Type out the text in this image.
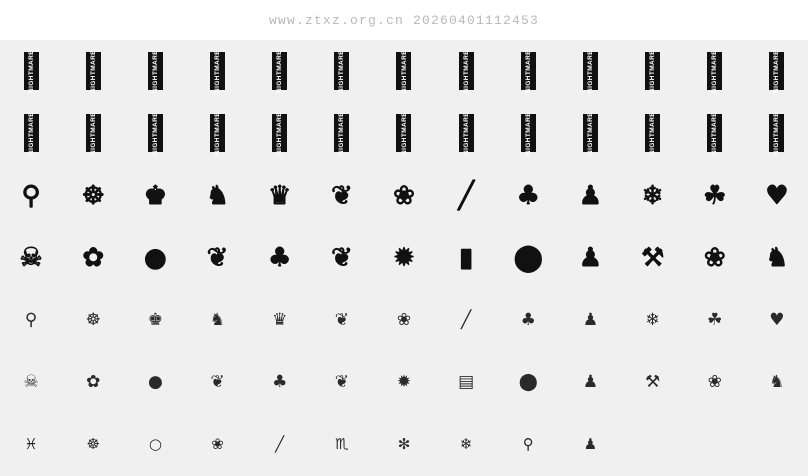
www.ztxz.org.cn 20260401112453
NIGHTMARE	NIGHTMARE	NIGHTMARE	NIGHTMARE	NIGHTMARE	NIGHTMARE	NIGHTMARE	NIGHTMARE	NIGHTMARE	NIGHTMARE	NIGHTMARE	NIGHTMARE	NIGHTMARE
NIGHTMARE	NIGHTMARE	NIGHTMARE	NIGHTMARE	NIGHTMARE	NIGHTMARE	NIGHTMARE	NIGHTMARE	NIGHTMARE	NIGHTMARE	NIGHTMARE	NIGHTMARE	NIGHTMARE
⚲ ☸ ♚ ♞ ♛ ❦ ❀ ╱ ♣ ♟ ❄ ☘ ♥
☠ ✿ ● ❦ ♣ ❦ ✹ ▮ ⬤ ♟ ⚒ ❀ ♞
⚲	☸	♚	♞	♛	❦	❀	╱	♣	♟	❄	☘	♥
☠	✿	●	❦	♣	❦	✹	▤	⬤	♟	⚒	❀	♞
♓	☸	○	❀	╱	♏	✻	❄	⚲	♟
